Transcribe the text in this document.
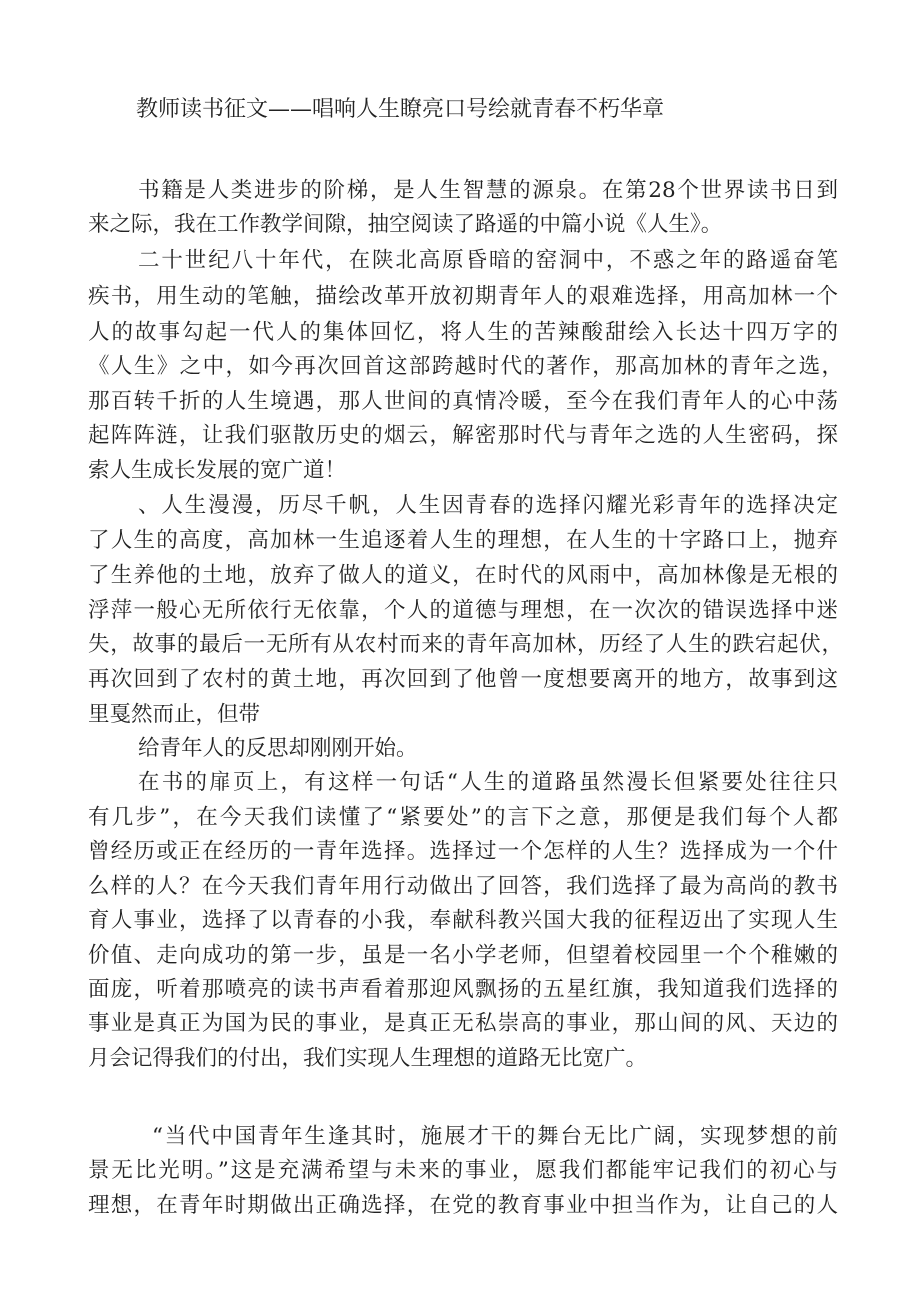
教师读书征文——唱响人生瞭亮口号绘就青春不朽华章
书籍是人类进步的阶梯，是人生智慧的源泉。在第28个世界读书日到
来之际，我在工作教学间隙，抽空阅读了路遥的中篇小说《人生》。
二十世纪八十年代，在陕北高原昏暗的窑洞中，不惑之年的路遥奋笔
疾书，用生动的笔触，描绘改革开放初期青年人的艰难选择，用高加林一个
人的故事勾起一代人的集体回忆，将人生的苦辣酸甜绘入长达十四万字的
《人生》之中，如今再次回首这部跨越时代的著作，那高加林的青年之选，
那百转千折的人生境遇，那人世间的真情冷暖，至今在我们青年人的心中荡
起阵阵涟，让我们驱散历史的烟云，解密那时代与青年之选的人生密码，探
索人生成长发展的宽广道！
、人生漫漫，历尽千帆，人生因青春的选择闪耀光彩青年的选择决定
了人生的高度，高加林一生追逐着人生的理想，在人生的十字路口上，抛弃
了生养他的土地，放弃了做人的道义，在时代的风雨中，高加林像是无根的
浮萍一般心无所依行无依靠，个人的道德与理想，在一次次的错误选择中迷
失，故事的最后一无所有从农村而来的青年高加林，历经了人生的跌宕起伏，
再次回到了农村的黄土地，再次回到了他曾一度想要离开的地方，故事到这
里戛然而止，但带
给青年人的反思却刚刚开始。
在书的扉页上，有这样一句话“人生的道路虽然漫长但紧要处往往只
有几步”，在今天我们读懂了“紧要处”的言下之意，那便是我们每个人都
曾经历或正在经历的一青年选择。选择过一个怎样的人生？选择成为一个什
么样的人？在今天我们青年用行动做出了回答，我们选择了最为高尚的教书
育人事业，选择了以青春的小我，奉献科教兴国大我的征程迈出了实现人生
价值、走向成功的第一步，虽是一名小学老师，但望着校园里一个个稚嫩的
面庞，听着那喷亮的读书声看着那迎风飘扬的五星红旗，我知道我们选择的
事业是真正为国为民的事业，是真正无私崇高的事业，那山间的风、天边的
月会记得我们的付出，我们实现人生理想的道路无比宽广。
“当代中国青年生逢其时，施展才干的舞台无比广阔，实现梦想的前
景无比光明。”这是充满希望与未来的事业，愿我们都能牢记我们的初心与
理想，在青年时期做出正确选择，在党的教育事业中担当作为，让自己的人
